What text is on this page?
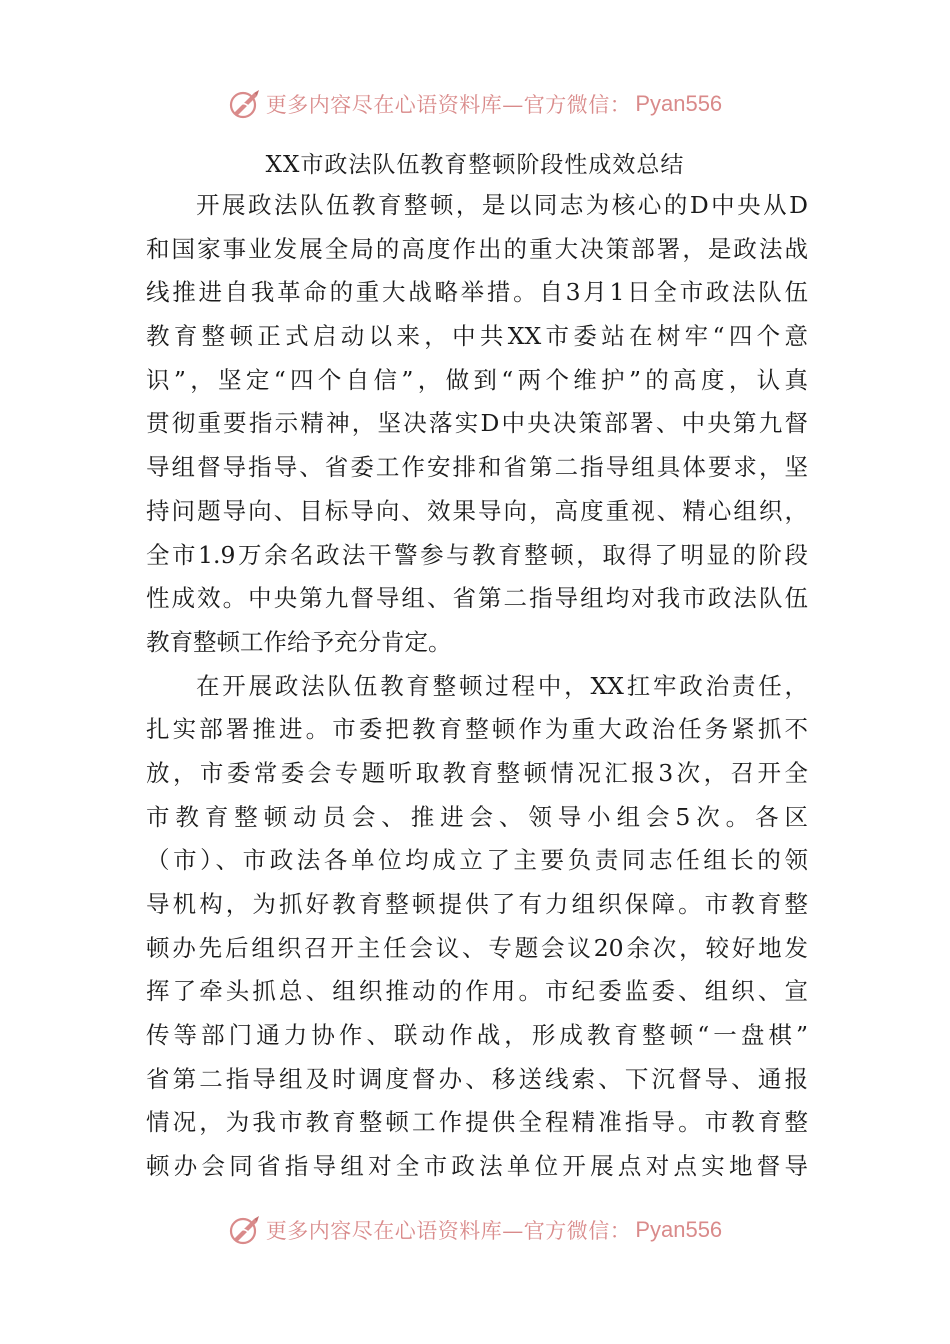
更多内容尽在心语资料库—官方微信： Pyan556
XX市政法队伍教育整顿阶段性成效总结
开展政法队伍教育整顿，是以同志为核心的D中央从D
和国家事业发展全局的高度作出的重大决策部署，是政法战
线推进自我革命的重大战略举措。自3月1日全市政法队伍
教育整顿正式启动以来，中共XX市委站在树牢“四个意
识”，坚定“四个自信”，做到“两个维护”的高度，认真
贯彻重要指示精神，坚决落实D中央决策部署、中央第九督
导组督导指导、省委工作安排和省第二指导组具体要求，坚
持问题导向、目标导向、效果导向，高度重视、精心组织，
全市1.9万余名政法干警参与教育整顿，取得了明显的阶段
性成效。中央第九督导组、省第二指导组均对我市政法队伍
教育整顿工作给予充分肯定。
在开展政法队伍教育整顿过程中，XX扛牢政治责任，
扎实部署推进。市委把教育整顿作为重大政治任务紧抓不
放，市委常委会专题听取教育整顿情况汇报3次，召开全
市教育整顿动员会、推进会、领导小组会5次。各区
（市）、市政法各单位均成立了主要负责同志任组长的领
导机构，为抓好教育整顿提供了有力组织保障。市教育整
顿办先后组织召开主任会议、专题会议20余次，较好地发
挥了牵头抓总、组织推动的作用。市纪委监委、组织、宣
传等部门通力协作、联动作战，形成教育整顿“一盘棋”
省第二指导组及时调度督办、移送线索、下沉督导、通报
情况，为我市教育整顿工作提供全程精准指导。市教育整
顿办会同省指导组对全市政法单位开展点对点实地督导
更多内容尽在心语资料库—官方微信： Pyan556
